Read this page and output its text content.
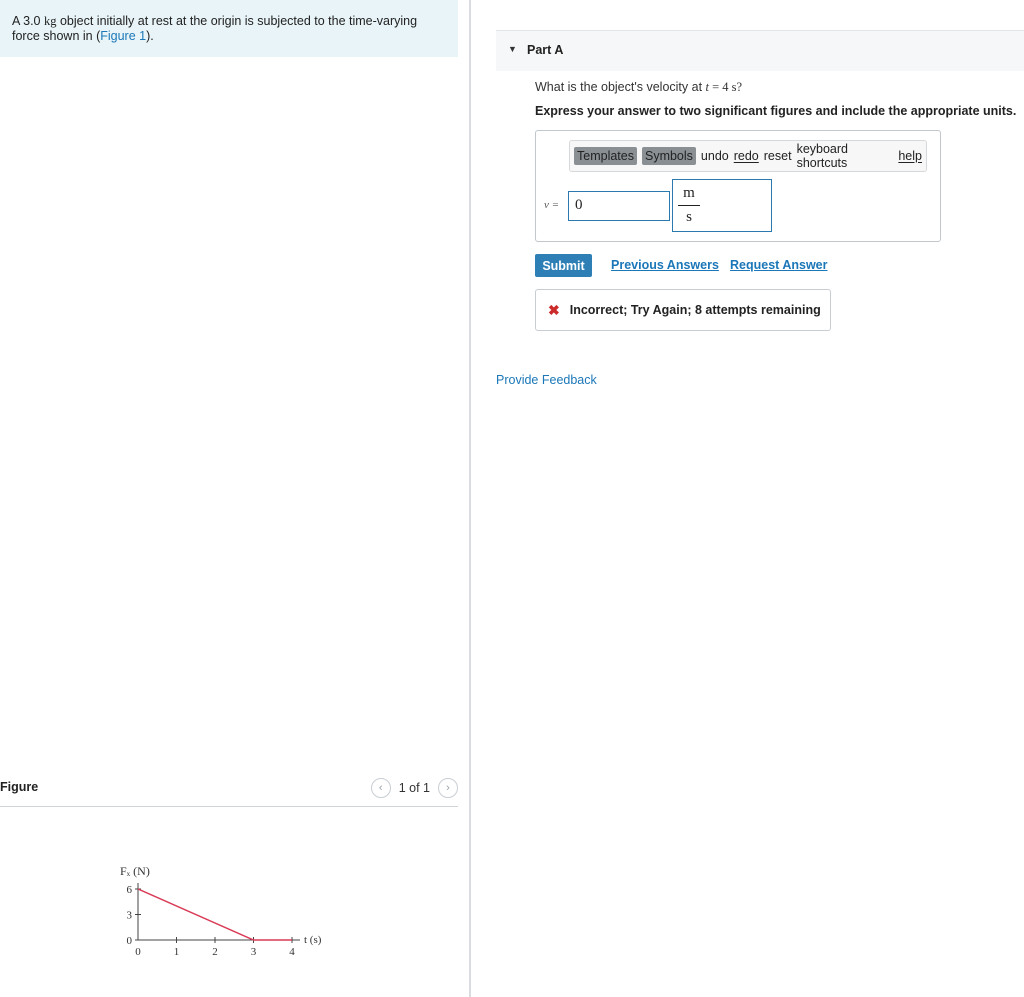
A 3.0 kg object initially at rest at the origin is subjected to the time-varying force shown in (Figure 1).
Figure	‹	1 of 1	›
0
3
6
0	1	2	3	4
Fₓ (N)
t (s)
▼ Part A
What is the object's velocity at t = 4 s?
Express your answer to two significant figures and include the appropriate units.
Templates Symbols undo redo reset keyboard shortcuts	help
v =	0
m
s
Submit	Previous Answers Request Answer
✖ Incorrect; Try Again; 8 attempts remaining
Provide Feedback
